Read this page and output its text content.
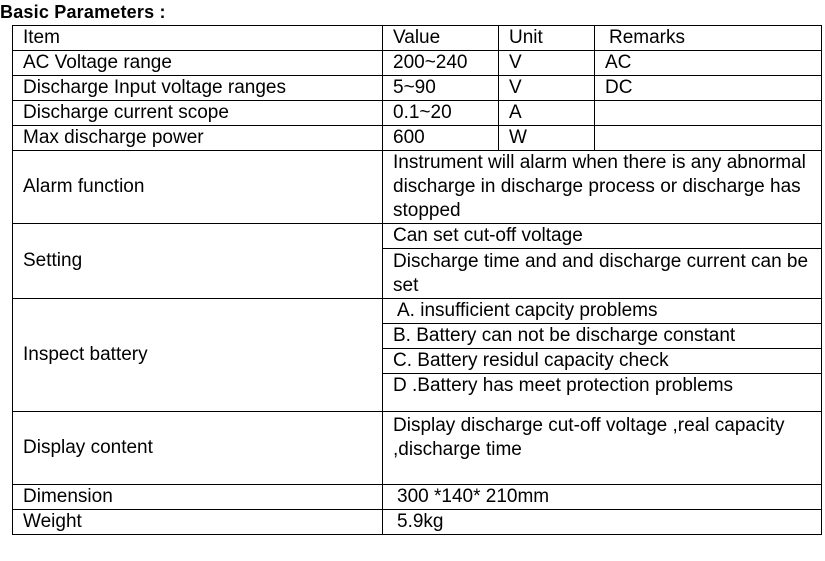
Basic Parameters :
Item	Value	Unit	Remarks
AC Voltage range	200~240	V	AC
Discharge Input voltage ranges	5~90	V	DC
Discharge current scope	0.1~20	A	
Max discharge power	600	W	
Alarm function	Instrument will alarm when there is any abnormal discharge in discharge process or discharge has stopped		
Setting	Can set cut-off voltage		
	Discharge time and and discharge current can be set		
Inspect battery	A. insufficient capcity problems		
	B. Battery can not be discharge constant		
	C. Battery residul capacity check		
	D .Battery has meet protection problems		
Display content	Display discharge cut-off voltage ,real capacity ,discharge time		
Dimension	300 *140* 210mm		
Weight	5.9kg		
